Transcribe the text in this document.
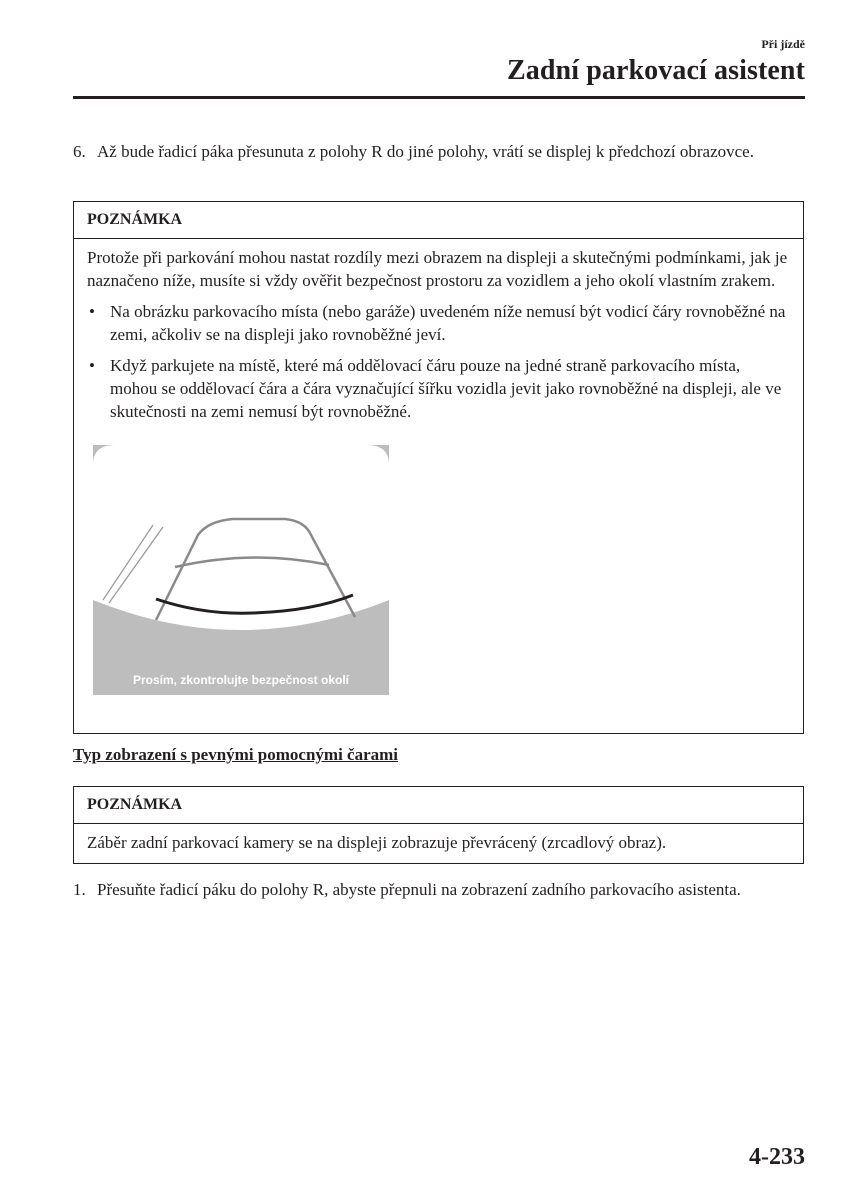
Při jízdě
Zadní parkovací asistent
6. Až bude řadicí páka přesunuta z polohy R do jiné polohy, vrátí se displej k předchozí obrazovce.
POZNÁMKA
Protože při parkování mohou nastat rozdíly mezi obrazem na displeji a skutečnými podmínkami, jak je naznačeno níže, musíte si vždy ověřit bezpečnost prostoru za vozidlem a jeho okolí vlastním zrakem.
• Na obrázku parkovacího místa (nebo garáže) uvedeném níže nemusí být vodicí čáry rovnoběžné na zemi, ačkoliv se na displeji jako rovnoběžné jeví.
• Když parkujete na místě, které má oddělovací čáru pouze na jedné straně parkovacího místa, mohou se oddělovací čára a čára vyznačující šířku vozidla jevit jako rovnoběžné na displeji, ale ve skutečnosti na zemi nemusí být rovnoběžné.
Prosím, zkontrolujte bezpečnost okolí
Typ zobrazení s pevnými pomocnými čarami
POZNÁMKA
Záběr zadní parkovací kamery se na displeji zobrazuje převrácený (zrcadlový obraz).
1. Přesuňte řadicí páku do polohy R, abyste přepnuli na zobrazení zadního parkovacího asistenta.
4-233
